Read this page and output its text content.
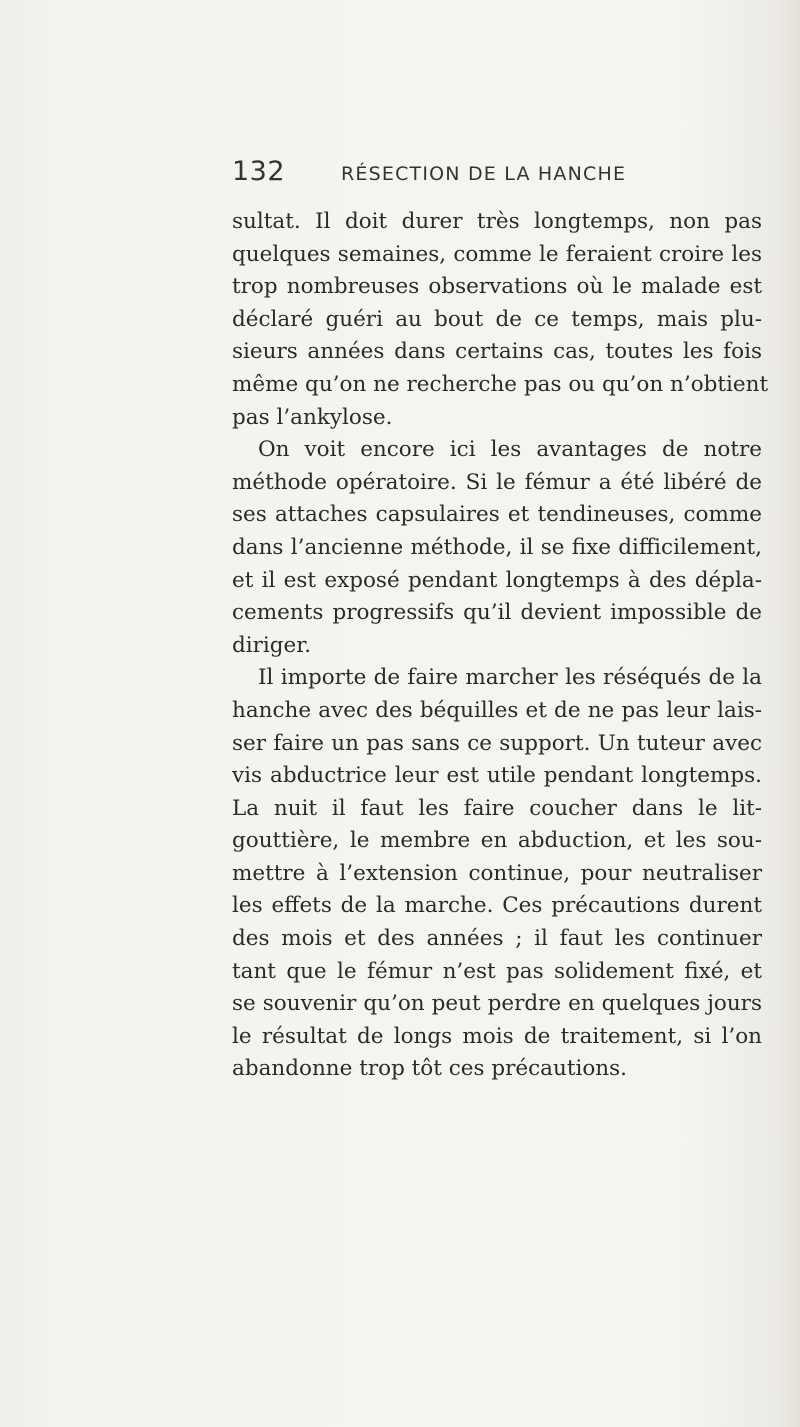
132	RÉSECTION DE LA HANCHE
sultat. Il doit durer très longtemps, non pas
quelques semaines, comme le feraient croire les
trop nombreuses observations où le malade est
déclaré guéri au bout de ce temps, mais plu-
sieurs années dans certains cas, toutes les fois
même qu’on ne recherche pas ou qu’on n’obtient
pas l’ankylose.
On voit encore ici les avantages de notre
méthode opératoire. Si le fémur a été libéré de
ses attaches capsulaires et tendineuses, comme
dans l’ancienne méthode, il se fixe difficilement,
et il est exposé pendant longtemps à des dépla-
cements progressifs qu’il devient impossible de
diriger.
Il importe de faire marcher les réséqués de la
hanche avec des béquilles et de ne pas leur lais-
ser faire un pas sans ce support. Un tuteur avec
vis abductrice leur est utile pendant longtemps.
La nuit il faut les faire coucher dans le lit-
gouttière, le membre en abduction, et les sou-
mettre à l’extension continue, pour neutraliser
les effets de la marche. Ces précautions durent
des mois et des années ; il faut les continuer
tant que le fémur n’est pas solidement fixé, et
se souvenir qu’on peut perdre en quelques jours
le résultat de longs mois de traitement, si l’on
abandonne trop tôt ces précautions.
